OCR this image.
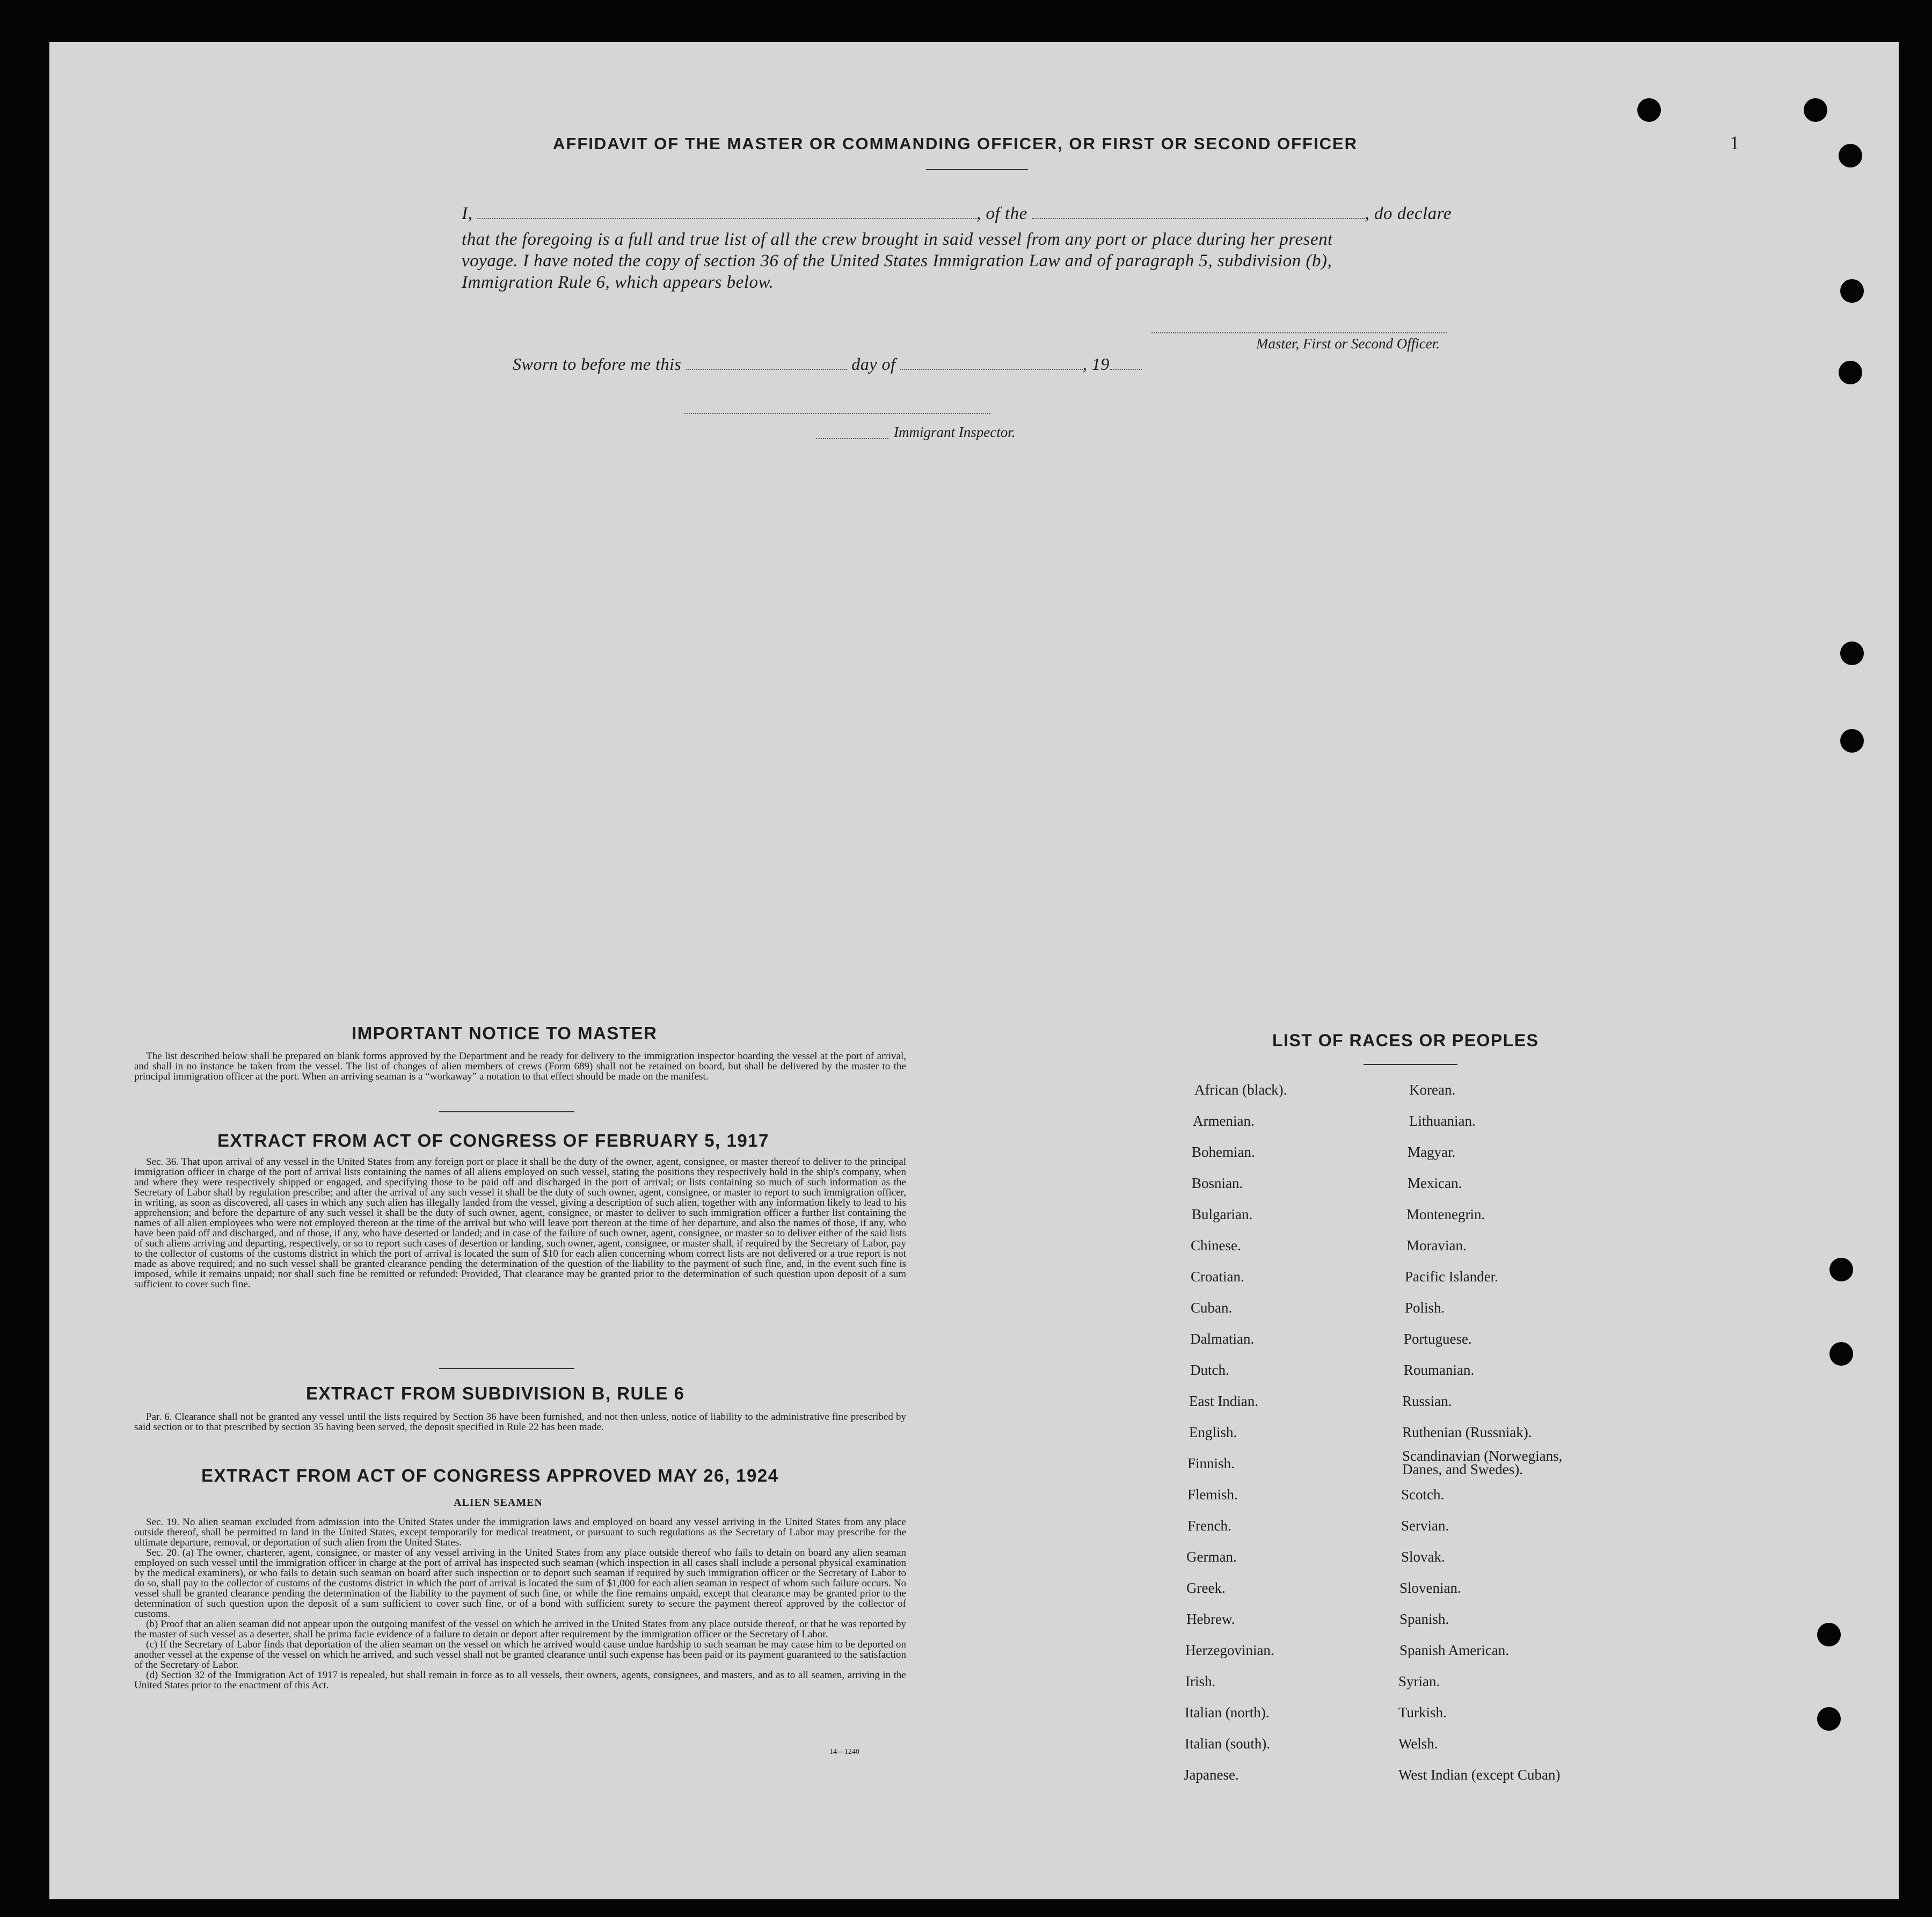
1
AFFIDAVIT OF THE MASTER OR COMMANDING OFFICER, OR FIRST OR SECOND OFFICER
I,	, of the	, do declare
that the foregoing is a full and true list of all the crew brought in said vessel from any port or place during her present
voyage. I have noted the copy of section 36 of the United States Immigration Law and of paragraph 5, subdivision (b),
Immigration Rule 6, which appears below.
Master, First or Second Officer.
Sworn to before me this	day of	, 19
Immigrant Inspector.
IMPORTANT NOTICE TO MASTER

The list described below shall be prepared on blank forms approved by the Department and be ready for delivery to the immigration inspector boarding the vessel at the port of arrival, and shall in no instance be taken from the vessel. The list of changes of alien members of crews (Form 689) shall not be retained on board, but shall be delivered by the master to the principal immigration officer at the port. When an arriving seaman is a “workaway” a notation to that effect should be made on the manifest.

EXTRACT FROM ACT OF CONGRESS OF FEBRUARY 5, 1917

Sec. 36. That upon arrival of any vessel in the United States from any foreign port or place it shall be the duty of the owner, agent, consignee, or master thereof to deliver to the principal immigration officer in charge of the port of arrival lists containing the names of all aliens employed on such vessel, stating the positions they respectively hold in the ship's company, when and where they were respectively shipped or engaged, and specifying those to be paid off and discharged in the port of arrival; or lists containing so much of such information as the Secretary of Labor shall by regulation prescribe; and after the arrival of any such vessel it shall be the duty of such owner, agent, consignee, or master to report to such immigration officer, in writing, as soon as discovered, all cases in which any such alien has illegally landed from the vessel, giving a description of such alien, together with any information likely to lead to his apprehension; and before the departure of any such vessel it shall be the duty of such owner, agent, consignee, or master to deliver to such immigration officer a further list containing the names of all alien employees who were not employed thereon at the time of the arrival but who will leave port thereon at the time of her departure, and also the names of those, if any, who have been paid off and discharged, and of those, if any, who have deserted or landed; and in case of the failure of such owner, agent, consignee, or master so to deliver either of the said lists of such aliens arriving and departing, respectively, or so to report such cases of desertion or landing, such owner, agent, consignee, or master shall, if required by the Secretary of Labor, pay to the collector of customs of the customs district in which the port of arrival is located the sum of $10 for each alien concerning whom correct lists are not delivered or a true report is not made as above required; and no such vessel shall be granted clearance pending the determination of the question of the liability to the payment of such fine, and, in the event such fine is imposed, while it remains unpaid; nor shall such fine be remitted or refunded: Provided, That clearance may be granted prior to the determination of such question upon deposit of a sum sufficient to cover such fine.

EXTRACT FROM SUBDIVISION B, RULE 6

Par. 6. Clearance shall not be granted any vessel until the lists required by Section 36 have been furnished, and not then unless, notice of liability to the administrative fine prescribed by said section or to that prescribed by section 35 having been served, the deposit specified in Rule 22 has been made.

EXTRACT FROM ACT OF CONGRESS APPROVED MAY 26, 1924
ALIEN SEAMEN

Sec. 19. No alien seaman excluded from admission into the United States under the immigration laws and employed on board any vessel arriving in the United States from any place outside thereof, shall be permitted to land in the United States, except temporarily for medical treatment, or pursuant to such regulations as the Secretary of Labor may prescribe for the ultimate departure, removal, or deportation of such alien from the United States.

Sec. 20. (a) The owner, charterer, agent, consignee, or master of any vessel arriving in the United States from any place outside thereof who fails to detain on board any alien seaman employed on such vessel until the immigration officer in charge at the port of arrival has inspected such seaman (which inspection in all cases shall include a personal physical examination by the medical examiners), or who fails to detain such seaman on board after such inspection or to deport such seaman if required by such immigration officer or the Secretary of Labor to do so, shall pay to the collector of customs of the customs district in which the port of arrival is located the sum of $1,000 for each alien seaman in respect of whom such failure occurs. No vessel shall be granted clearance pending the determination of the liability to the payment of such fine, or while the fine remains unpaid, except that clearance may be granted prior to the determination of such question upon the deposit of a sum sufficient to cover such fine, or of a bond with sufficient surety to secure the payment thereof approved by the collector of customs.

(b) Proof that an alien seaman did not appear upon the outgoing manifest of the vessel on which he arrived in the United States from any place outside thereof, or that he was reported by the master of such vessel as a deserter, shall be prima facie evidence of a failure to detain or deport after requirement by the immigration officer or the Secretary of Labor.

(c) If the Secretary of Labor finds that deportation of the alien seaman on the vessel on which he arrived would cause undue hardship to such seaman he may cause him to be deported on another vessel at the expense of the vessel on which he arrived, and such vessel shall not be granted clearance until such expense has been paid or its payment guaranteed to the satisfaction of the Secretary of Labor.

(d) Section 32 of the Immigration Act of 1917 is repealed, but shall remain in force as to all vessels, their owners, agents, consignees, and masters, and as to all seamen, arriving in the United States prior to the enactment of this Act.

14—1240
LIST OF RACES OR PEOPLES
African (black).
Armenian.
Bohemian.
Bosnian.
Bulgarian.
Chinese.
Croatian.
Cuban.
Dalmatian.
Dutch.
East Indian.
English.
Finnish.
Flemish.
French.
German.
Greek.
Hebrew.
Herzegovinian.
Irish.
Italian (north).
Italian (south).
Japanese.
Korean.
Lithuanian.
Magyar.
Mexican.
Montenegrin.
Moravian.
Pacific Islander.
Polish.
Portuguese.
Roumanian.
Russian.
Ruthenian (Russniak).
Scandinavian (Norwegians, Danes, and Swedes).
Scotch.
Servian.
Slovak.
Slovenian.
Spanish.
Spanish American.
Syrian.
Turkish.
Welsh.
West Indian (except Cuban)
